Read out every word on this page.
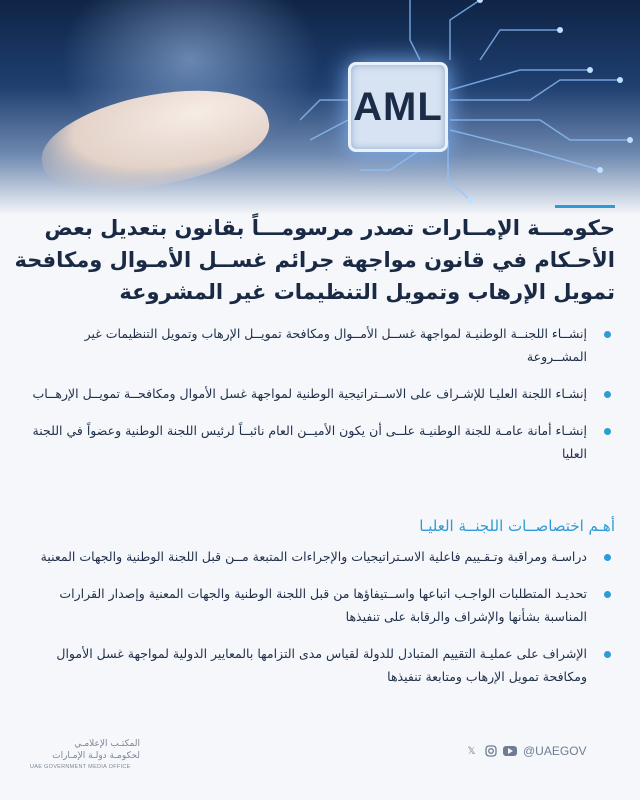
AML
حكومـــة الإمــارات تصدر مرسومـــاً بقانون بتعديل بعض
الأحـكام في قانون مواجهة جرائم غســل الأمـوال ومكافحة
تمويل الإرهاب وتمويل التنظيمات غير المشروعة
إنشــاء اللجنــة الوطنيـة لمواجهة غســل الأمــوال ومكافحة تمويــل الإرهاب وتمويل التنظيمات غير المشــروعة
إنشـاء اللجنة العليـا للإشـراف على الاســتراتيجية الوطنية لمواجهة غسل الأموال ومكافحــة تمويــل الإرهــاب
إنشـاء أمانة عامـة للجنة الوطنيـة علــى أن يكون الأميــن العام نائبــاً لرئيس اللجنة الوطنية وعضواً في اللجنة العليا
أهـم اختصاصــات اللجنــة العليـا
دراسـة ومراقبة وتـقـييم فاعلية الاسـتراتيجيات والإجراءات المتبعة مــن قبل اللجنة الوطنية والجهات المعنية
تحديـد المتطلبات الواجـب اتباعها واســتيفاؤها من قبل اللجنة الوطنية والجهات المعنية وإصدار القرارات المناسبة بشأنها والإشراف والرقابة على تنفيذها
الإشراف على عمليـة التقييم المتبادل للدولة لقياس مدى التزامها بالمعايير الدولية لمواجهة غسل الأموال ومكافحة تمويل الإرهاب ومتابعة تنفيذها
المكتـب الإعلامـي
لحكومـة دولـة الإمـارات
UAE GOVERNMENT MEDIA OFFICE
𝕏	@UAEGOV
